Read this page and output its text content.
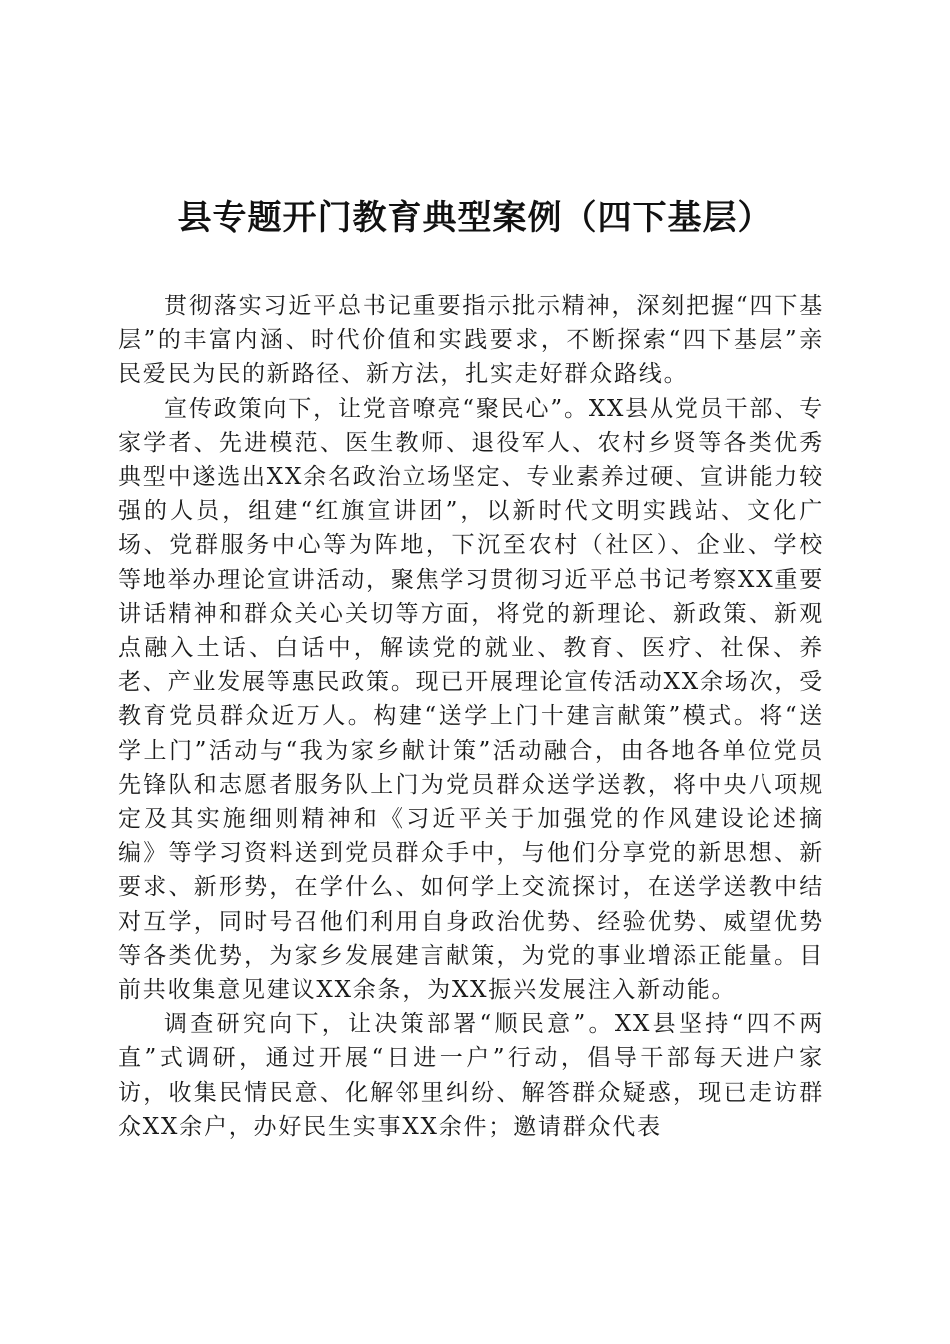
县专题开门教育典型案例（四下基层）

贯彻落实习近平总书记重要指示批示精神，深刻把握“四下基层”的丰富内涵、时代价值和实践要求，不断探索“四下基层”亲民爱民为民的新路径、新方法，扎实走好群众路线。

宣传政策向下，让党音嘹亮“聚民心”。XX县从党员干部、专家学者、先进模范、医生教师、退役军人、农村乡贤等各类优秀典型中遂选出XX余名政治立场坚定、专业素养过硬、宣讲能力较强的人员，组建“红旗宣讲团”，以新时代文明实践站、文化广场、党群服务中心等为阵地，下沉至农村（社区）、企业、学校等地举办理论宣讲活动，聚焦学习贯彻习近平总书记考察XX重要讲话精神和群众关心关切等方面，将党的新理论、新政策、新观点融入土话、白话中，解读党的就业、教育、医疗、社保、养老、产业发展等惠民政策。现已开展理论宣传活动XX余场次，受教育党员群众近万人。构建“送学上门十建言献策”模式。将“送学上门”活动与“我为家乡献计策”活动融合，由各地各单位党员先锋队和志愿者服务队上门为党员群众送学送教，将中央八项规定及其实施细则精神和《习近平关于加强党的作风建设论述摘编》等学习资料送到党员群众手中，与他们分享党的新思想、新要求、新形势，在学什么、如何学上交流探讨，在送学送教中结对互学，同时号召他们利用自身政治优势、经验优势、威望优势等各类优势，为家乡发展建言献策，为党的事业增添正能量。目前共收集意见建议XX余条，为XX振兴发展注入新动能。

调查研究向下，让决策部署“顺民意”。XX县坚持“四不两直”式调研，通过开展“日进一户”行动，倡导干部每天进户家访，收集民情民意、化解邻里纠纷、解答群众疑惑，现已走访群众XX余户，办好民生实事XX余件；邀请群众代表
